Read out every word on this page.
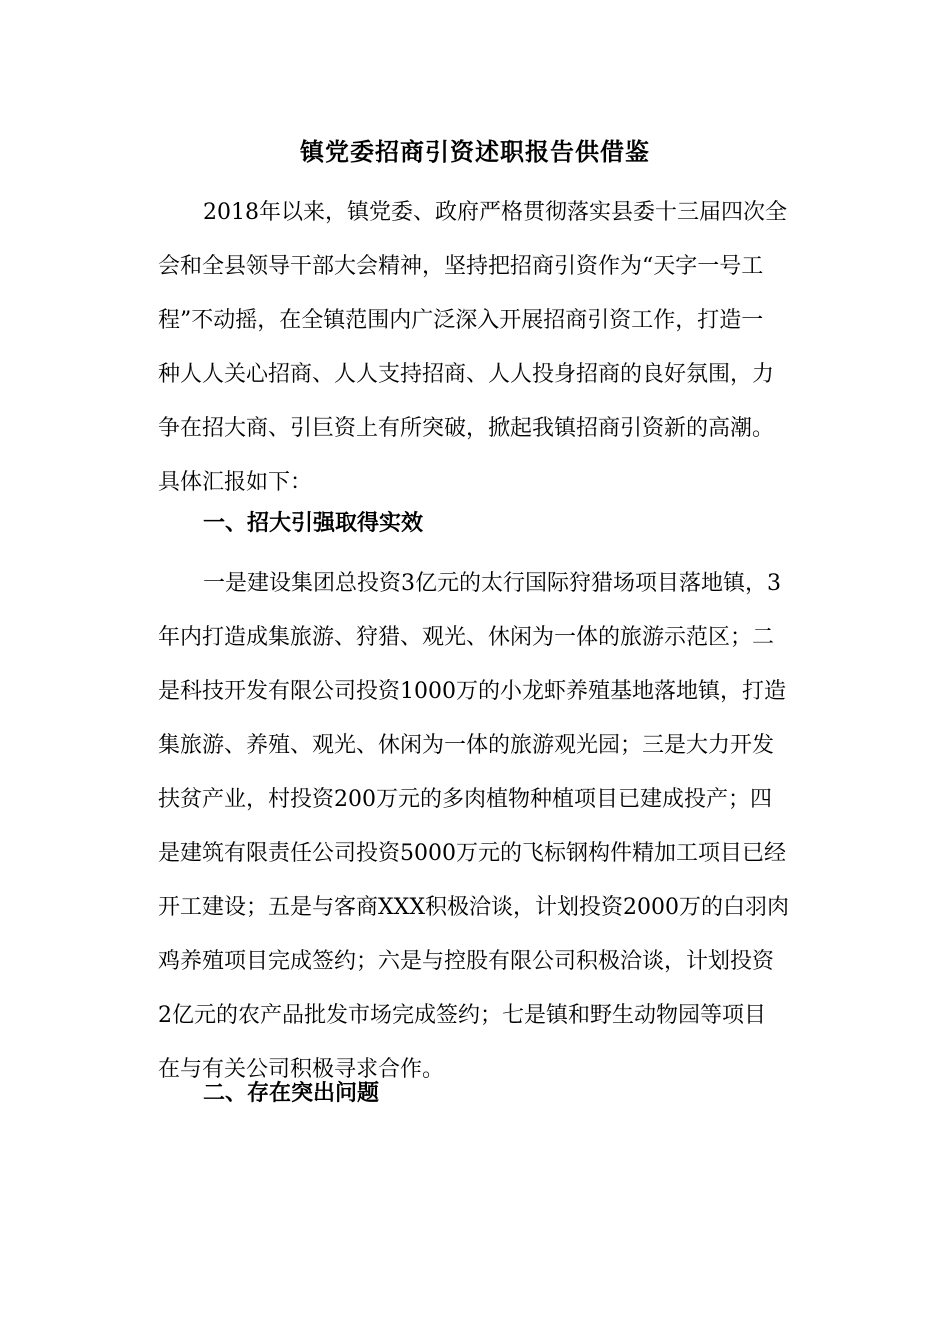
镇党委招商引资述职报告供借鉴
2018年以来，镇党委、政府严格贯彻落实县委十三届四次全
会和全县领导干部大会精神，坚持把招商引资作为“天字一号工
程”不动摇，在全镇范围内广泛深入开展招商引资工作，打造一
种人人关心招商、人人支持招商、人人投身招商的良好氛围，力
争在招大商、引巨资上有所突破，掀起我镇招商引资新的高潮。
具体汇报如下：
一、招大引强取得实效
一是建设集团总投资3亿元的太行国际狩猎场项目落地镇，3
年内打造成集旅游、狩猎、观光、休闲为一体的旅游示范区；二
是科技开发有限公司投资1000万的小龙虾养殖基地落地镇，打造
集旅游、养殖、观光、休闲为一体的旅游观光园；三是大力开发
扶贫产业，村投资200万元的多肉植物种植项目已建成投产；四
是建筑有限责任公司投资5000万元的飞标钢构件精加工项目已经
开工建设；五是与客商XXX积极洽谈，计划投资2000万的白羽肉
鸡养殖项目完成签约；六是与控股有限公司积极洽谈，计划投资
2亿元的农产品批发市场完成签约；七是镇和野生动物园等项目
在与有关公司积极寻求合作。
二、存在突出问题
